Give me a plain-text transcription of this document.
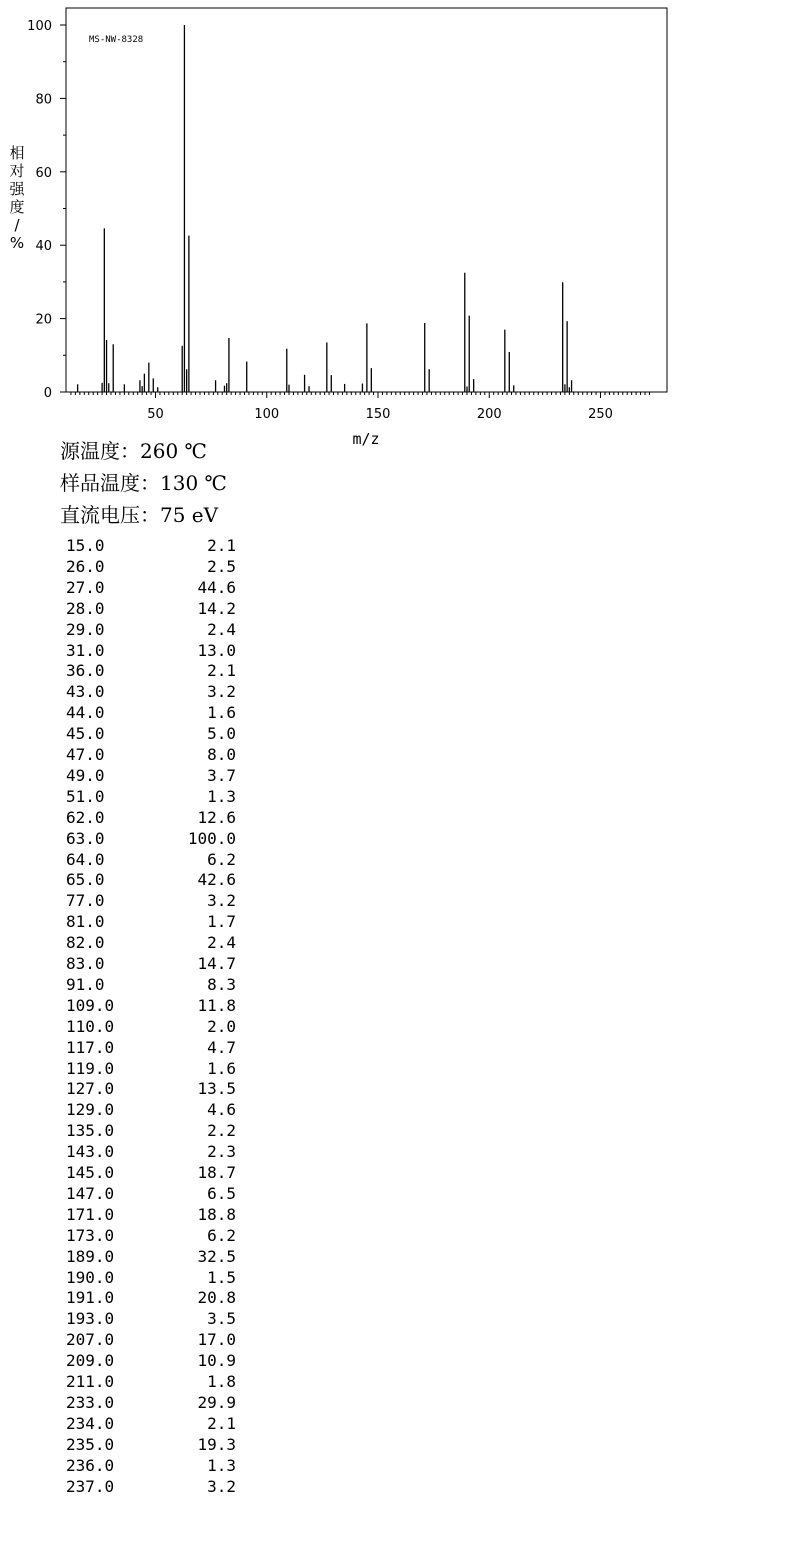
MS-NW-8328
m/z
相
对
强
度
/
%
0
20
40
60
80
100
50	100	150	200	250
源温度：260 ℃
样品温度：130 ℃
直流电压：75 eV
15.0	2.1
26.0	2.5
27.0	44.6
28.0	14.2
29.0	2.4
31.0	13.0
36.0	2.1
43.0	3.2
44.0	1.6
45.0	5.0
47.0	8.0
49.0	3.7
51.0	1.3
62.0	12.6
63.0	100.0
64.0	6.2
65.0	42.6
77.0	3.2
81.0	1.7
82.0	2.4
83.0	14.7
91.0	8.3
109.0	11.8
110.0	2.0
117.0	4.7
119.0	1.6
127.0	13.5
129.0	4.6
135.0	2.2
143.0	2.3
145.0	18.7
147.0	6.5
171.0	18.8
173.0	6.2
189.0	32.5
190.0	1.5
191.0	20.8
193.0	3.5
207.0	17.0
209.0	10.9
211.0	1.8
233.0	29.9
234.0	2.1
235.0	19.3
236.0	1.3
237.0	3.2
